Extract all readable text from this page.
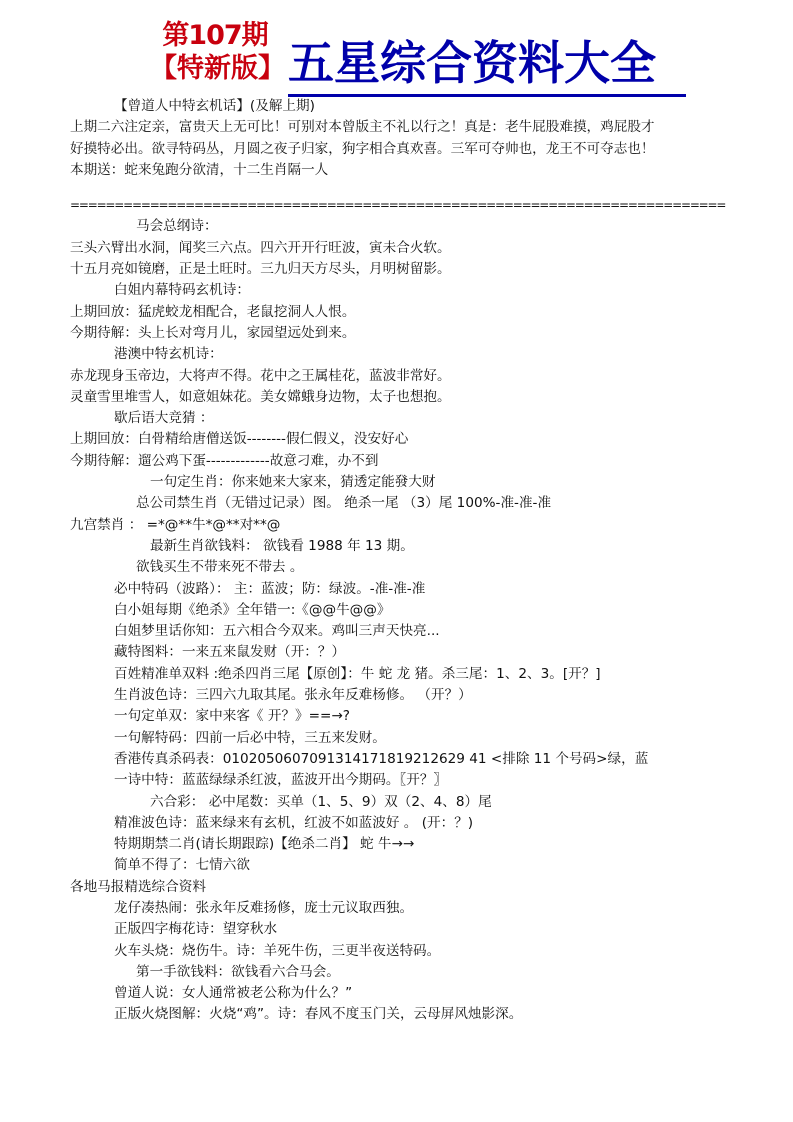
第107期
【特新版】 五星综合资料大全
【曾道人中特玄机话】(及解上期)
上期二六注定亲，富贵天上无可比！可别对本曾版主不礼以行之！真是：老牛屁股难摸，鸡屁股才
好摸特必出。欲寻特码丛，月圆之夜子归家，狗字相合真欢喜。三军可夺帅也，龙王不可夺志也！
本期送：蛇来兔跑分欲清，十二生肖隔一人
==========================================================================
马会总纲诗：
三头六臂出水洞，闻奖三六点。四六开开行旺波，寅未合火软。
十五月亮如镜磨，正是土旺时。三九归天方尽头，月明树留影。
白姐内幕特码玄机诗：
上期回放：猛虎蛟龙相配合，老鼠挖洞人人恨。
今期待解：头上长对弯月儿，家园望远处到来。
港澳中特玄机诗：
赤龙现身玉帝边，大将声不得。花中之王属桂花，蓝波非常好。
灵童雪里堆雪人，如意姐妹花。美女嫦蛾身边物，太子也想抱。
歇后语大竞猜 ：
上期回放：白骨精给唐僧送饭--------假仁假义，没安好心
今期待解：遛公鸡下蛋-------------故意刁难，办不到
一句定生肖：你来她来大家来，猜透定能發大财
总公司禁生肖（无错过记录）图。 绝杀一尾 （3）尾 100%-准-准-准
九宫禁肖 ： =*@**牛*@**对**@
最新生肖欲钱料： 欲钱看 1988 年 13 期。
欲钱买生不带来死不带去 。
必中特码（波路）： 主：蓝波；防：绿波。-准-准-准
白小姐每期《绝杀》全年错一:《@@牛@@》
白姐梦里话你知：五六相合今双来。鸡叫三声天快亮...
藏特图料：一来五来鼠发财（开：？）
百姓精准单双料 :绝杀四肖三尾【原创】：牛 蛇 龙 猪。杀三尾：1、2、3。[开？]
生肖波色诗：三四六九取其尾。张永年反难杨修。 （开？）
一句定单双：家中来客《 开？》==→?
一句解特码：四前一后必中特，三五来发财。
香港传真杀码表：0102050607091314171819212629 41 <排除 11 个号码>绿，蓝
一诗中特：蓝蓝绿绿杀红波，蓝波开出今期码。〖开？〗
六合彩： 必中尾数：买单（1、5、9）双（2、4、8）尾
精准波色诗：蓝来绿来有玄机，红波不如蓝波好 。 (开：？)
特期期禁二肖(请长期跟踪)【绝杀二肖】 蛇 牛→→
简单不得了：七情六欲
各地马报精选综合资料
龙仔凑热闹：张永年反难扬修，庞士元议取西独。
正版四字梅花诗：望穿秋水
火车头烧：烧伤牛。诗：羊死牛伤，三更半夜送特码。
第一手欲钱料：欲钱看六合马会。
曾道人说：女人通常被老公称为什么？”
正版火烧图解：火烧“鸡”。诗：春风不度玉门关，云母屏风烛影深。
